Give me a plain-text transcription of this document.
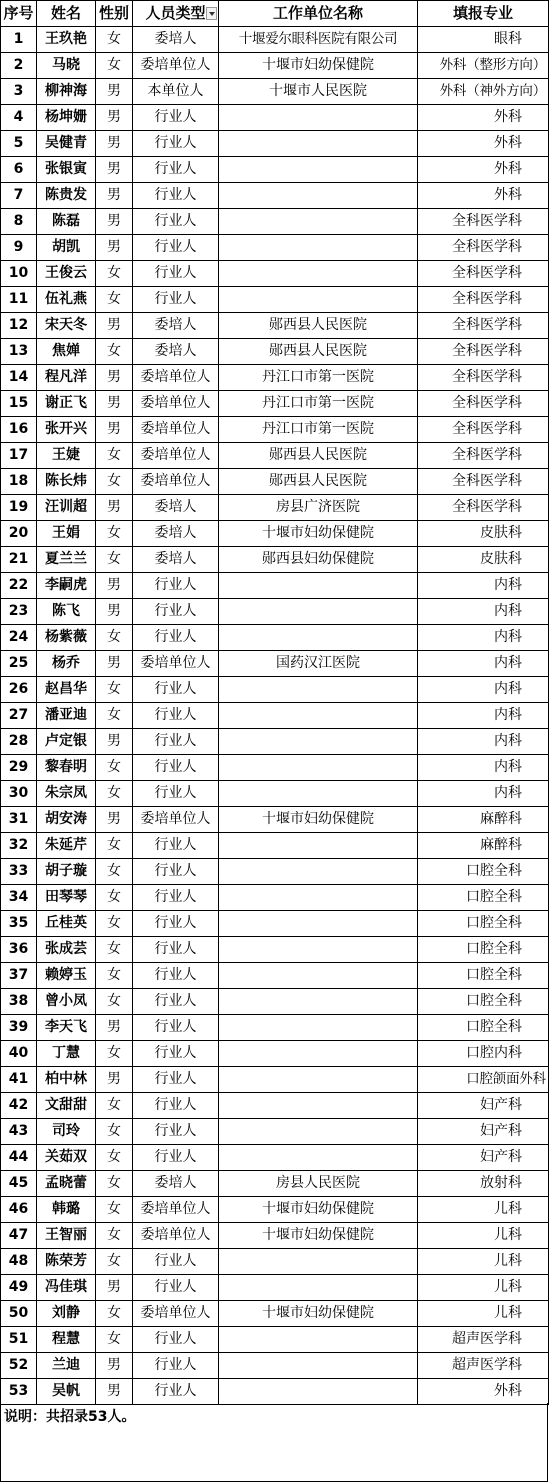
序号	姓名	性别	人员类型	工作单位名称	填报专业
1	王玖艳	女	委培人	十堰爱尔眼科医院有限公司	眼科
2	马晓	女	委培单位人	十堰市妇幼保健院	外科（整形方向）
3	柳神海	男	本单位人	十堰市人民医院	外科（神外方向）
4	杨坤姗	男	行业人		外科
5	吴健青	男	行业人		外科
6	张银寅	男	行业人		外科
7	陈贵发	男	行业人		外科
8	陈磊	男	行业人		全科医学科
9	胡凯	男	行业人		全科医学科
10	王俊云	女	行业人		全科医学科
11	伍礼燕	女	行业人		全科医学科
12	宋天冬	男	委培人	郧西县人民医院	全科医学科
13	焦婵	女	委培人	郧西县人民医院	全科医学科
14	程凡洋	男	委培单位人	丹江口市第一医院	全科医学科
15	谢正飞	男	委培单位人	丹江口市第一医院	全科医学科
16	张开兴	男	委培单位人	丹江口市第一医院	全科医学科
17	王婕	女	委培单位人	郧西县人民医院	全科医学科
18	陈长炜	女	委培单位人	郧西县人民医院	全科医学科
19	汪训超	男	委培人	房县广济医院	全科医学科
20	王娟	女	委培人	十堰市妇幼保健院	皮肤科
21	夏兰兰	女	委培人	郧西县妇幼保健院	皮肤科
22	李嗣虎	男	行业人		内科
23	陈飞	男	行业人		内科
24	杨紫薇	女	行业人		内科
25	杨乔	男	委培单位人	国药汉江医院	内科
26	赵昌华	女	行业人		内科
27	潘亚迪	女	行业人		内科
28	卢定银	男	行业人		内科
29	黎春明	女	行业人		内科
30	朱宗凤	女	行业人		内科
31	胡安涛	男	委培单位人	十堰市妇幼保健院	麻醉科
32	朱延芹	女	行业人		麻醉科
33	胡子璇	女	行业人		口腔全科
34	田琴琴	女	行业人		口腔全科
35	丘桂英	女	行业人		口腔全科
36	张成芸	女	行业人		口腔全科
37	赖婷玉	女	行业人		口腔全科
38	曾小凤	女	行业人		口腔全科
39	李天飞	男	行业人		口腔全科
40	丁慧	女	行业人		口腔内科
41	柏中林	男	行业人		口腔颌面外科
42	文甜甜	女	行业人		妇产科
43	司玲	女	行业人		妇产科
44	关茹双	女	行业人		妇产科
45	孟晓蕾	女	委培人	房县人民医院	放射科
46	韩璐	女	委培单位人	十堰市妇幼保健院	儿科
47	王智丽	女	委培单位人	十堰市妇幼保健院	儿科
48	陈荣芳	女	行业人		儿科
49	冯佳琪	男	行业人		儿科
50	刘静	女	委培单位人	十堰市妇幼保健院	儿科
51	程慧	女	行业人		超声医学科
52	兰迪	男	行业人		超声医学科
53	吴帆	男	行业人		外科
说明：共招录53人。
